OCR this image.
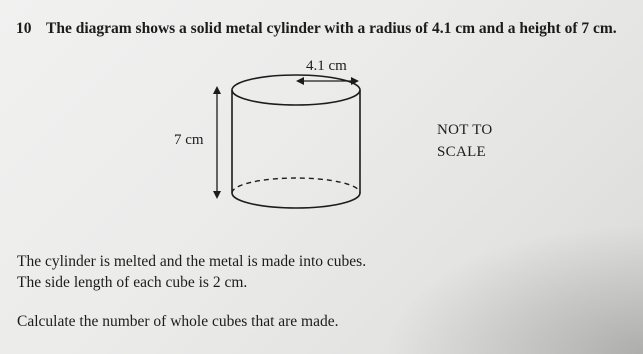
10 The diagram shows a solid metal cylinder with a radius of 4.1 cm and a height of 7 cm.
4.1 cm
7 cm
NOT TO
SCALE
The cylinder is melted and the metal is made into cubes.
The side length of each cube is 2 cm.
Calculate the number of whole cubes that are made.
